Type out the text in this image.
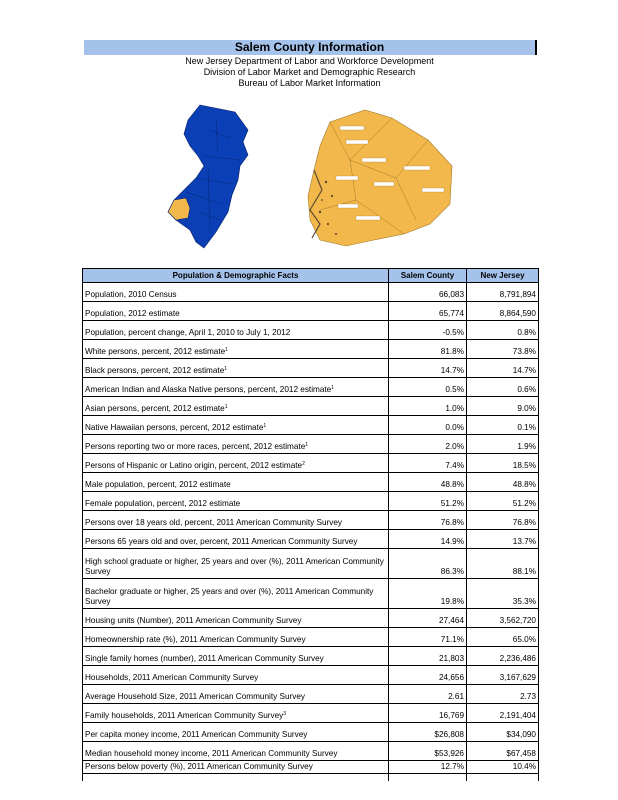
Salem County Information
New Jersey Department of Labor and Workforce Development
Division of Labor Market and Demographic Research
Bureau of Labor Market Information
Population & Demographic Facts	Salem County	New Jersey
Population, 2010 Census	66,083	8,791,894
Population, 2012 estimate	65,774	8,864,590
Population, percent change, April 1, 2010 to July 1, 2012	-0.5%	0.8%
White persons, percent, 2012 estimate$^1$	81.8%	73.8%
Black persons, percent, 2012 estimate$^1$	14.7%	14.7%
American Indian and Alaska Native persons, percent, 2012 estimate$^1$	0.5%	0.6%
Asian persons, percent, 2012 estimate$^1$	1.0%	9.0%
Native Hawaiian persons, percent, 2012 estimate$^1$	0.0%	0.1%
Persons reporting two or more races, percent, 2012 estimate$^1$	2.0%	1.9%
Persons of Hispanic or Latino origin, percent, 2012 estimate$^2$	7.4%	18.5%
Male population, percent, 2012 estimate	48.8%	48.8%
Female population, percent, 2012 estimate	51.2%	51.2%
Persons over 18 years old, percent, 2011 American Community Survey	76.8%	76.8%
Persons 65 years old and over, percent, 2011 American Community Survey	14.9%	13.7%
High school graduate or higher, 25 years and over (%), 2011 American Community Survey	86.3%	88.1%
Bachelor graduate or higher, 25 years and over (%), 2011 American Community Survey	19.8%	35.3%
Housing units (Number), 2011 American Community Survey	27,464	3,562,720
Homeownership rate (%), 2011 American Community Survey	71.1%	65.0%
Single family homes (number), 2011 American Community Survey	21,803	2,236,486
Households, 2011 American Community Survey	24,656	3,167,629
Average Household Size, 2011 American Community Survey	2.61	2.73
Family households, 2011 American Community Survey$^3$	16,769	2,191,404
Per capita money income, 2011 American Community Survey	$26,808	$34,090
Median household money income, 2011 American Community Survey	$53,926	$67,458
Persons below poverty (%), 2011 American Community Survey	12.7%	10.4%
